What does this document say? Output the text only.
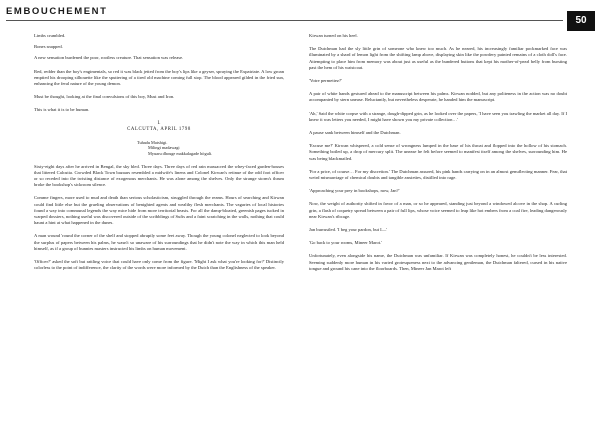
EMBOUCHEMENT
50

Limbs crumbled.

Bones snapped.

A new sensation burdened the poor, rootless creature. That sensation was release.

Red, redder than the boy's engimentals, so red it was black jetted from the boy's lips like a geyser, spraying the Expatriate. A low groan emptied his drooping silhouette like the sputtering of a tired old machine coming full stop. The blood appeared gilded in the fried sun, enhancing the feral nature of the young demon.

Must be thought, looking at the final convulsions of this boy, Must and Iron.

This is what it is to be human.

I.
CALCUTTA, APRIL 1798
Tuhadu Matshigi.
Milingi madawagi
Myuaru dhouge makkalagade höguli.

Sixty-eight days after he arrived in Bengal, the sky bled. Three days. Three days of red rain massacred the whey-faced garden-houses that littered Calcutta. Crowded Black Town bazaars resembled a midwife's linens and Colonel Kirwan's retinue of the odd foot officer or so receded into the twisting distance of exogenous merchants. He was alone among the shelves. Only the strange storm's thrum broke the bookshop's sickroom silence.

Comme fingers, more used to mud and death than serious scholasticism, struggled through the reams. Hours of searching and Kirwan could find little else but the grueling observations of benighted agents and wealthy flesh merchants. The vagaries of local histories found a way into communal legends the way mice hide from more territorial beasts. For all the damp-bloated, greenish pages tucked in warped dossiers, nothing useful was discovered outside of the scribblings of Sufis and a faint scratching in the walls, nothing that could haunt a hint at what happened in the dunes.

A man wound 'round the corner of the shelf and stopped abruptly some feet away. Though the young colonel neglected to look beyond the surplus of papers between his palms, he wasn't so unaware of his surroundings that he didn't note the way in which this man held himself, as if a group of bunnies masters instructed his limbs on human movement.

'Officer?' asked the soft but rattling voice that could have only come from the figure. 'Might I ask what you're looking for?' Distinctly colorless to the point of indifference, the clarity of the words were more informed by the Dutch than the Englishness of the speaker.

Kirwan turned on his heel.

The Dutchman had the sly little grin of someone who knew too much. As he neared, his increasingly familiar pockmarked face was illuminated by a shard of lemon light from the shifting lamp above, displaying skin like the powdery painted remains of a cloth doll's face. Attempting to place him from memory was about just as useful as the bundered buttons that kept his mother-of-pearl belly from bursting past the hem of his waistcoat.

'Votre permettez?'

A pair of white hands gestured ahead to the manuscript between his palms. Kirwan nodded, but any politeness in the action was no doubt accompanied by stern unease. Reluctantly, but nevertheless desperate, he handed him the manuscript.

'Ah,' Said the white corpse with a strange, dough-dipped grin, as he looked over the papers, 'I have seen you trawling the market all day. If I knew it was letters you needed, I might have shown you my private collection…'

A pause sank between himself and the Dutchman.

'Excuse me?' Kirwan whispered, a cold sense of wrongness lumped in the base of his throat and flopped into the hollow of his stomach. Something boiled up, a drop of mercury split. The unease he felt before seemed to manifest itself among the shelves, surrounding him. He was being blackmailed.

'For a price, of course… For my discretion.' The Dutchman assured, his pink hands carrying on in an almost genuflecting manner. Fear, that weird mismarriage of chemical doubts and tangible anxieties, distilled into rage.

'Approaching your prey in bookshops, now, Jan?'

Now, the weight of authority shifted in favor of a man, or so he appeared, standing just beyond a windowed alcove in the shop. A curling grin, a flash of coquetry spread between a pair of full lips, whose voice seemed to leap like hot embers from a coal fire, leading dangerously near Kirwan's ribcage.

Jan burrustled. 'I beg your pardon, but I—'

'Go back to your rooms, Mineer Marot.'

Unfortunately, even alongside his name, the Dutchman was unfamiliar. If Kirwan was completely honest, he couldn't be less interested. Seeming suddenly more human in his varied grotesqueness next to the advancing gentleman, the Dutchman faltered, cursed in his native tongue and ground his cane into the floorboards. Then, Mineer Jan Marot left
